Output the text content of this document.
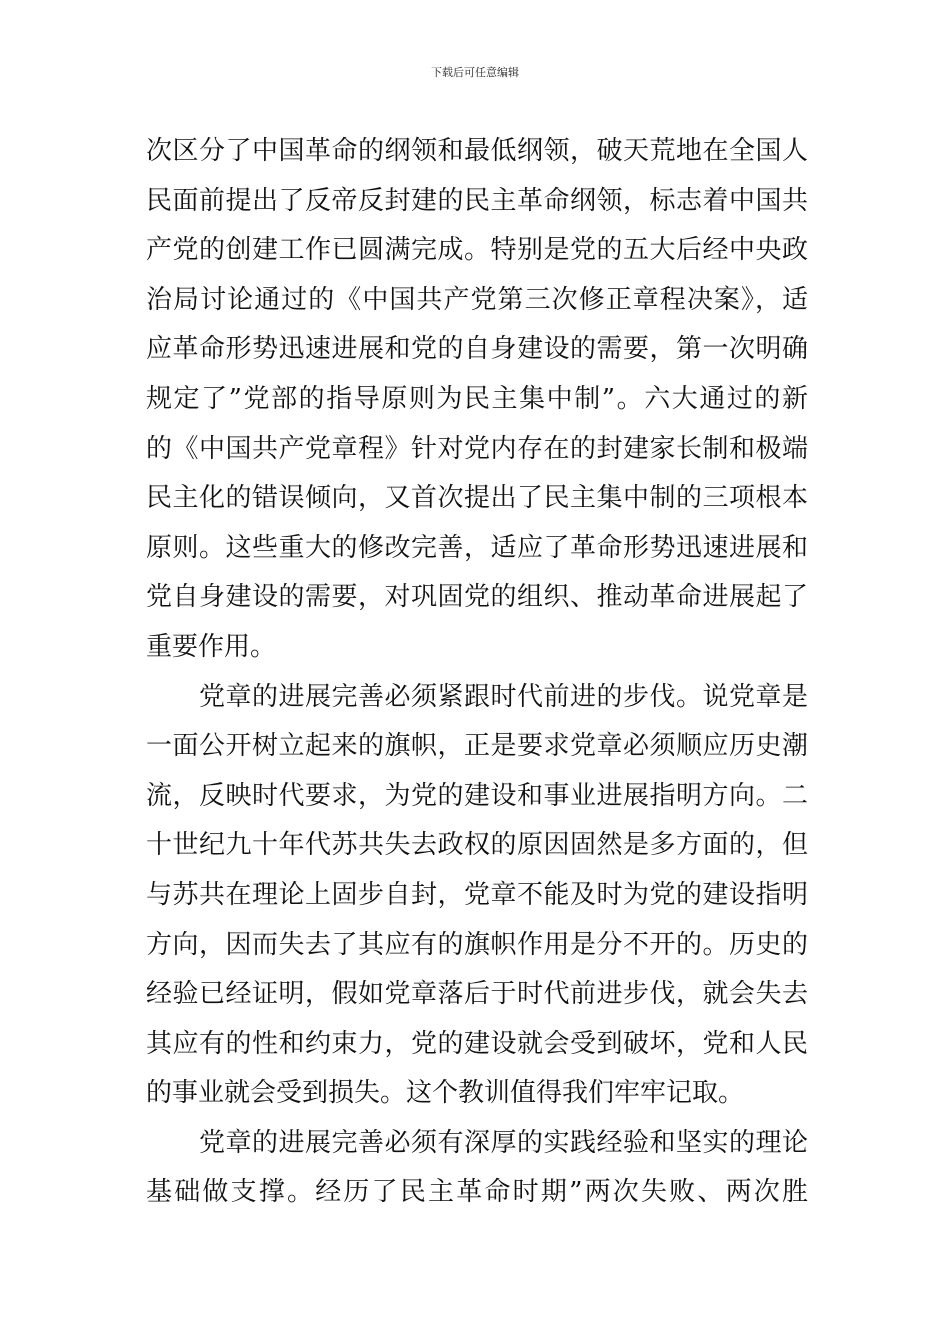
下载后可任意编辑
次区分了中国革命的纲领和最低纲领，破天荒地在全国人
民面前提出了反帝反封建的民主革命纲领，标志着中国共
产党的创建工作已圆满完成。特别是党的五大后经中央政
治局讨论通过的《中国共产党第三次修正章程决案》，适
应革命形势迅速进展和党的自身建设的需要，第一次明确
规定了”党部的指导原则为民主集中制”。六大通过的新
的《中国共产党章程》针对党内存在的封建家长制和极端
民主化的错误倾向，又首次提出了民主集中制的三项根本
原则。这些重大的修改完善，适应了革命形势迅速进展和
党自身建设的需要，对巩固党的组织、推动革命进展起了
重要作用。
党章的进展完善必须紧跟时代前进的步伐。说党章是
一面公开树立起来的旗帜，正是要求党章必须顺应历史潮
流，反映时代要求，为党的建设和事业进展指明方向。二
十世纪九十年代苏共失去政权的原因固然是多方面的，但
与苏共在理论上固步自封，党章不能及时为党的建设指明
方向，因而失去了其应有的旗帜作用是分不开的。历史的
经验已经证明，假如党章落后于时代前进步伐，就会失去
其应有的性和约束力，党的建设就会受到破坏，党和人民
的事业就会受到损失。这个教训值得我们牢牢记取。
党章的进展完善必须有深厚的实践经验和坚实的理论
基础做支撑。经历了民主革命时期”两次失败、两次胜
